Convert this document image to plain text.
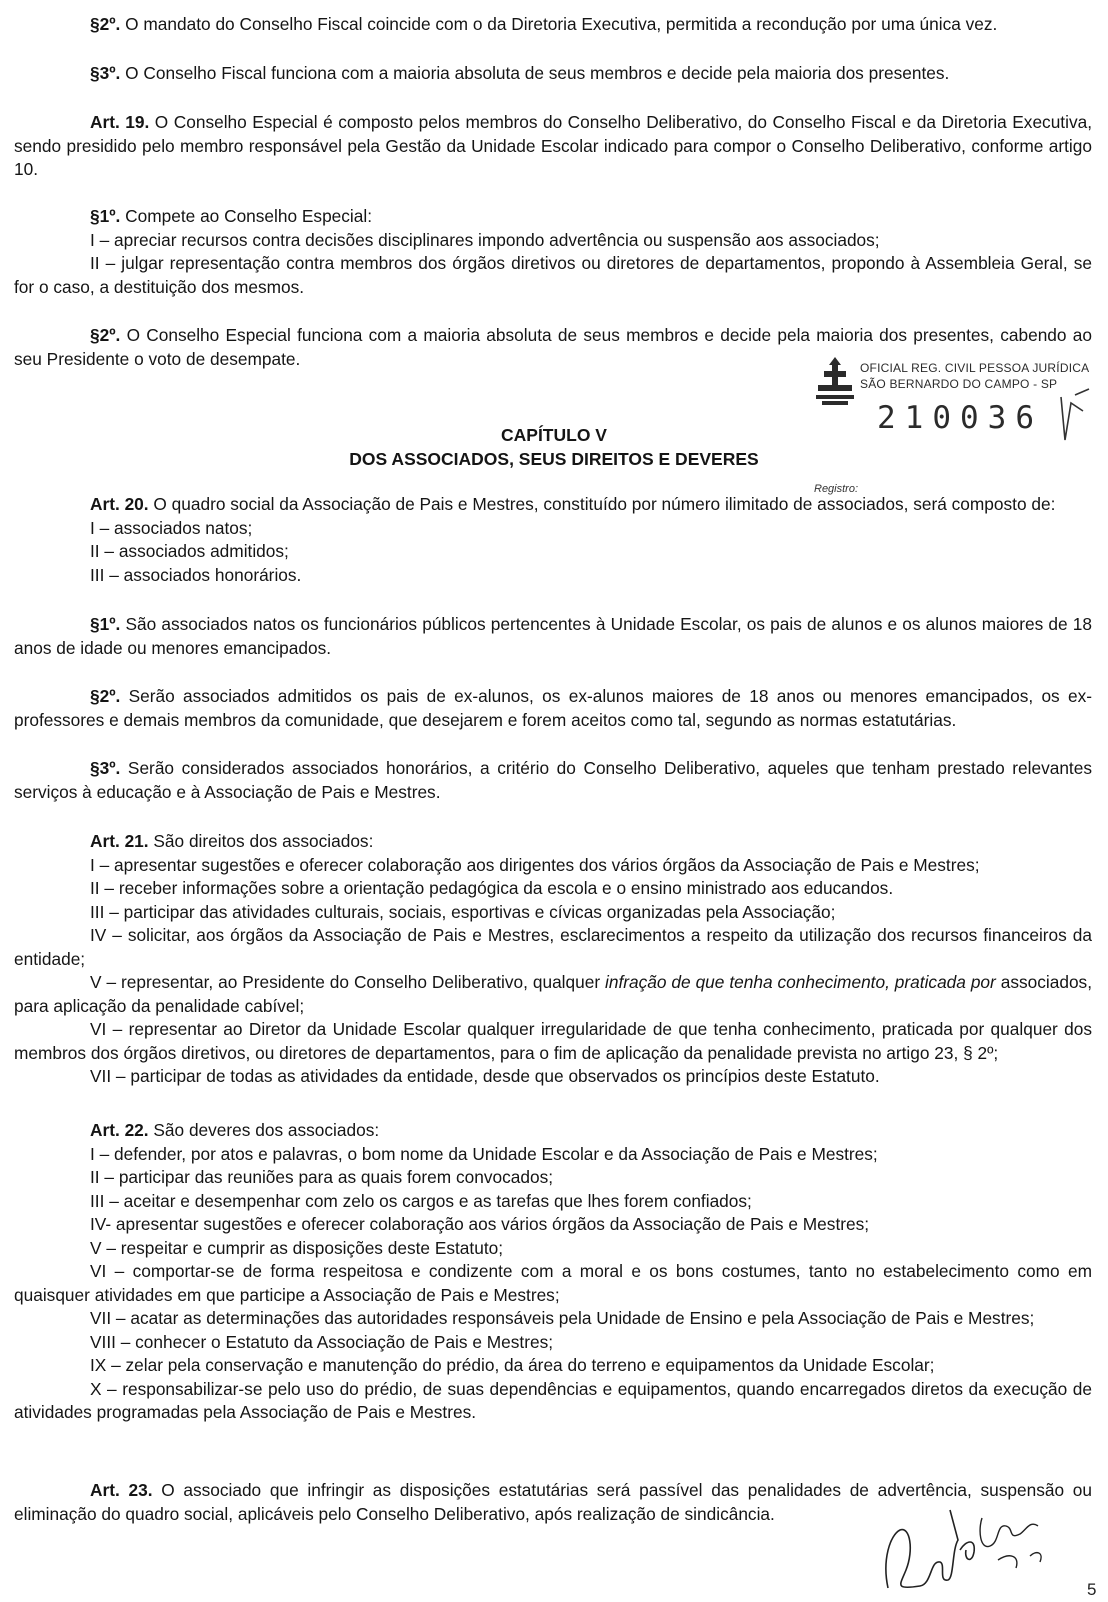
§2º. O mandato do Conselho Fiscal coincide com o da Diretoria Executiva, permitida a recondução por uma única vez.
§3º. O Conselho Fiscal funciona com a maioria absoluta de seus membros e decide pela maioria dos presentes.
Art. 19. O Conselho Especial é composto pelos membros do Conselho Deliberativo, do Conselho Fiscal e da Diretoria Executiva, sendo presidido pelo membro responsável pela Gestão da Unidade Escolar indicado para compor o Conselho Deliberativo, conforme artigo 10.
§1º. Compete ao Conselho Especial:
I – apreciar recursos contra decisões disciplinares impondo advertência ou suspensão aos associados;
II – julgar representação contra membros dos órgãos diretivos ou diretores de departamentos, propondo à Assembleia Geral, se for o caso, a destituição dos mesmos.
§2º. O Conselho Especial funciona com a maioria absoluta de seus membros e decide pela maioria dos presentes, cabendo ao seu Presidente o voto de desempate.	OFICIAL REG. CIVIL PESSOA JURÍDICA
SÃO BERNARDO DO CAMPO - SP
210036
CAPÍTULO V
DOS ASSOCIADOS, SEUS DIREITOS E DEVERES
Registro:
Art. 20. O quadro social da Associação de Pais e Mestres, constituído por número ilimitado de associados, será composto de:
I – associados natos;
II – associados admitidos;
III – associados honorários.
§1º. São associados natos os funcionários públicos pertencentes à Unidade Escolar, os pais de alunos e os alunos maiores de 18 anos de idade ou menores emancipados.
§2º. Serão associados admitidos os pais de ex-alunos, os ex-alunos maiores de 18 anos ou menores emancipados, os ex-professores e demais membros da comunidade, que desejarem e forem aceitos como tal, segundo as normas estatutárias.
§3º. Serão considerados associados honorários, a critério do Conselho Deliberativo, aqueles que tenham prestado relevantes serviços à educação e à Associação de Pais e Mestres.
Art. 21. São direitos dos associados:
I – apresentar sugestões e oferecer colaboração aos dirigentes dos vários órgãos da Associação de Pais e Mestres;
II – receber informações sobre a orientação pedagógica da escola e o ensino ministrado aos educandos.
III – participar das atividades culturais, sociais, esportivas e cívicas organizadas pela Associação;
IV – solicitar, aos órgãos da Associação de Pais e Mestres, esclarecimentos a respeito da utilização dos recursos financeiros da entidade;
V – representar, ao Presidente do Conselho Deliberativo, qualquer infração de que tenha conhecimento, praticada por associados, para aplicação da penalidade cabível;
VI – representar ao Diretor da Unidade Escolar qualquer irregularidade de que tenha conhecimento, praticada por qualquer dos membros dos órgãos diretivos, ou diretores de departamentos, para o fim de aplicação da penalidade prevista no artigo 23, § 2º;
VII – participar de todas as atividades da entidade, desde que observados os princípios deste Estatuto.
Art. 22. São deveres dos associados:
I – defender, por atos e palavras, o bom nome da Unidade Escolar e da Associação de Pais e Mestres;
II – participar das reuniões para as quais forem convocados;
III – aceitar e desempenhar com zelo os cargos e as tarefas que lhes forem confiados;
IV- apresentar sugestões e oferecer colaboração aos vários órgãos da Associação de Pais e Mestres;
V – respeitar e cumprir as disposições deste Estatuto;
VI – comportar-se de forma respeitosa e condizente com a moral e os bons costumes, tanto no estabelecimento como em quaisquer atividades em que participe a Associação de Pais e Mestres;
VII – acatar as determinações das autoridades responsáveis pela Unidade de Ensino e pela Associação de Pais e Mestres;
VIII – conhecer o Estatuto da Associação de Pais e Mestres;
IX – zelar pela conservação e manutenção do prédio, da área do terreno e equipamentos da Unidade Escolar;
X – responsabilizar-se pelo uso do prédio, de suas dependências e equipamentos, quando encarregados diretos da execução de atividades programadas pela Associação de Pais e Mestres.
Art. 23. O associado que infringir as disposições estatutárias será passível das penalidades de advertência, suspensão ou eliminação do quadro social, aplicáveis pelo Conselho Deliberativo, após realização de sindicância.
5
